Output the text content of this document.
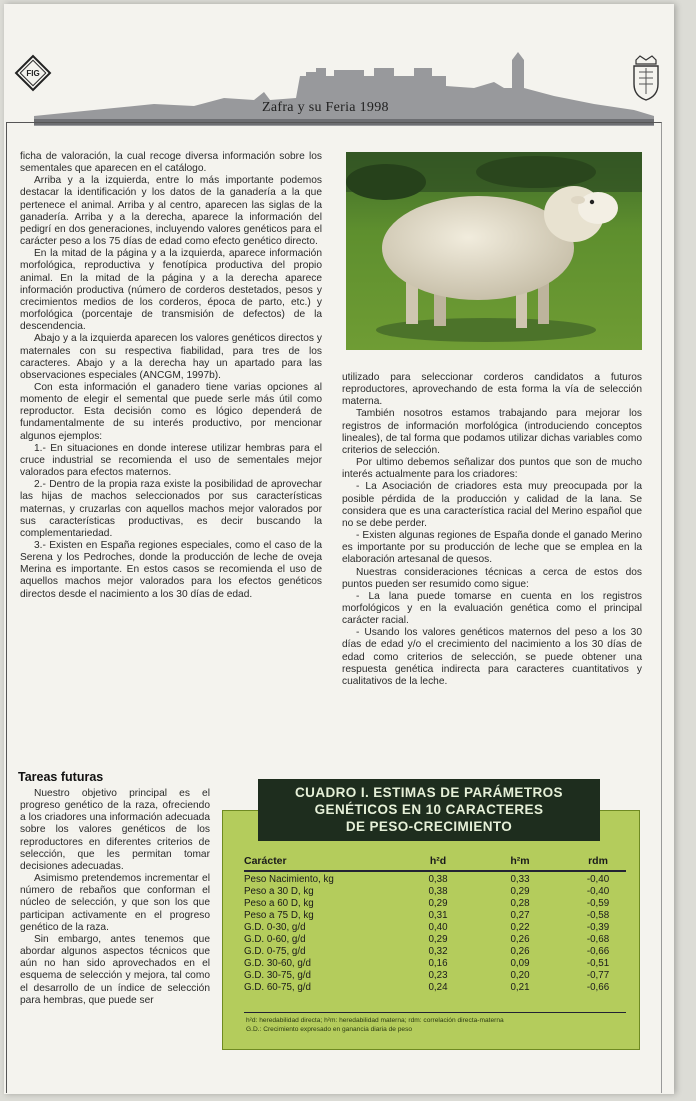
FIG
Zafra y su Feria 1998

ficha de valoración, la cual recoge diversa información sobre los sementales que aparecen en el catálogo.

Arriba y a la izquierda, entre lo más importante podemos destacar la identificación y los datos de la ganadería a la que pertenece el animal. Arriba y al centro, aparecen las siglas de la ganadería. Arriba y a la derecha, aparece la información del pedigrí en dos generaciones, incluyendo valores genéticos para el carácter peso a los 75 días de edad como efecto genético directo.

En la mitad de la página y a la izquierda, aparece información morfológica, reproductiva y fenotípica productiva del propio animal. En la mitad de la página y a la derecha aparece información productiva (número de corderos destetados, pesos y crecimientos medios de los corderos, época de parto, etc.) y morfológica (porcentaje de transmisión de defectos) de la descendencia.

Abajo y a la izquierda aparecen los valores genéticos directos y maternales con su respectiva fiabilidad, para tres de los caracteres. Abajo y a la derecha hay un apartado para las observaciones especiales (ANCGM, 1997b).

Con esta información el ganadero tiene varias opciones al momento de elegir el semental que puede serle más útil como reproductor. Esta decisión como es lógico dependerá de fundamentalmente de su interés productivo, por mencionar algunos ejemplos:

1.- En situaciones en donde interese utilizar hembras para el cruce industrial se recomienda el uso de sementales mejor valorados para efectos maternos.

2.- Dentro de la propia raza existe la posibilidad de aprovechar las hijas de machos seleccionados por sus características maternas, y cruzarlas con aquellos machos mejor valorados por sus características productivas, es decir buscando la complementariedad.

3.- Existen en España regiones especiales, como el caso de la Serena y los Pedroches, donde la producción de leche de oveja Merina es importante. En estos casos se recomienda el uso de aquellos machos mejor valorados para los efectos genéticos directos desde el nacimiento a los 30 días de edad.

utilizado para seleccionar corderos candidatos a futuros reproductores, aprovechando de esta forma la vía de selección materna.

También nosotros estamos trabajando para mejorar los registros de información morfológica (introduciendo conceptos lineales), de tal forma que podamos utilizar dichas variables como criterios de selección.

Por ultimo debemos señalizar dos puntos que son de mucho interés actualmente para los criadores:

- La Asociación de criadores esta muy preocupada por la posible pérdida de la producción y calidad de la lana. Se considera que es una característica racial del Merino español que no se debe perder.

- Existen algunas regiones de España donde el ganado Merino es importante por su producción de leche que se emplea en la elaboración artesanal de quesos.

Nuestras consideraciones técnicas a cerca de estos dos puntos pueden ser resumido como sigue:

- La lana puede tomarse en cuenta en los registros morfológicos y en la evaluación genética como el principal carácter racial.

- Usando los valores genéticos maternos del peso a los 30 días de edad y/o el crecimiento del nacimiento a los 30 días de edad como criterios de selección, se puede obtener una respuesta genética indirecta para caracteres cuantitativos y cualitativos de la leche.

Tareas futuras

Nuestro objetivo principal es el progreso genético de la raza, ofreciendo a los criadores una información adecuada sobre los valores genéticos de los reproductores en diferentes criterios de selección, que les permitan tomar decisiones adecuadas.

Asimismo pretendemos incrementar el número de rebaños que conforman el núcleo de selección, y que son los que participan activamente en el progreso genético de la raza.

Sin embargo, antes tenemos que abordar algunos aspectos técnicos que aún no han sido aprovechados en el esquema de selección y mejora, tal como el desarrollo de un índice de selección para hembras, que puede ser

CUADRO I. ESTIMAS DE PARÁMETROS
GENÉTICOS EN 10 CARACTERES
DE PESO-CRECIMIENTO
Carácter	h²d	h²m	rdm
Peso Nacimiento, kg	0,38	0,33	-0,40
Peso a 30 D, kg	0,38	0,29	-0,40
Peso a 60 D, kg	0,29	0,28	-0,59
Peso a 75 D, kg	0,31	0,27	-0,58
G.D. 0-30, g/d	0,40	0,22	-0,39
G.D. 0-60, g/d	0,29	0,26	-0,68
G.D. 0-75, g/d	0,32	0,26	-0,66
G.D. 30-60, g/d	0,16	0,09	-0,51
G.D. 30-75, g/d	0,23	0,20	-0,77
G.D. 60-75, g/d	0,24	0,21	-0,66
h²d: heredabilidad directa; h²m: heredabilidad materna; rdm: correlación directa-materna
G.D.: Crecimiento expresado en ganancia diaria de peso
